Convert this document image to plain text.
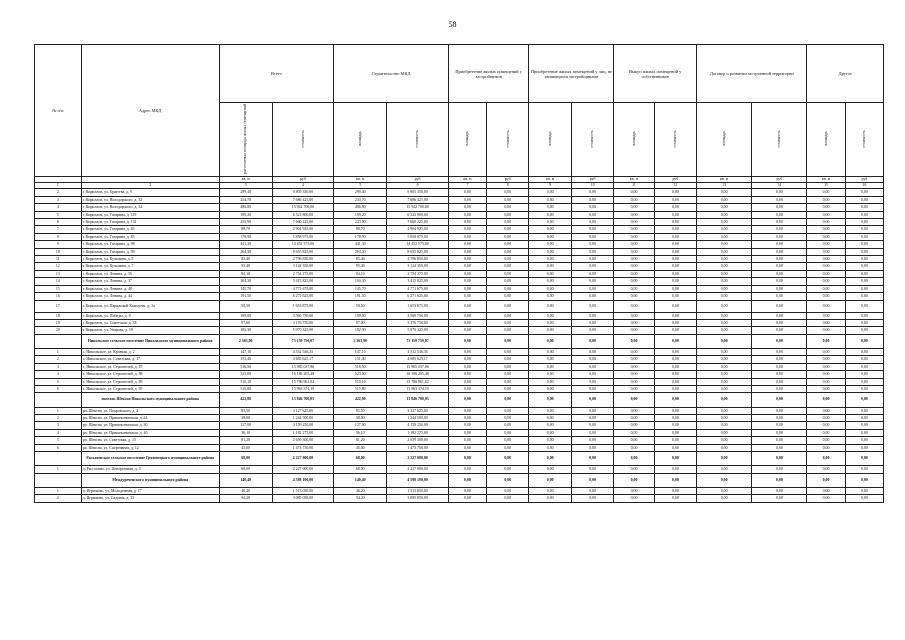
58
№ п/п	Адрес МКД	Всего		Строительство МКД		Приобретение жилых помещений у застройщиков		Приобретение жилых помещений у лиц, не являющихся застройщиками		Выкуп жилых помещений у собственников		Договор о развитии застроенной территории		Другое	
		расселяемая площадь жилых помещений	стоимость	площадь	стоимость	площадь	стоимость	площадь	стоимость	площадь	стоимость	площадь	стоимость	площадь	стоимость
		кв. м	руб	кв. м	руб	кв. м	руб	кв. м	руб	кв. м	руб	кв. м	руб	кв. м	руб
1	2	3	4	5	6	7	8	9	10	11	12	13	14	15	16
2	г. Кириллов, ул. Братства, д. 9	299,40	9 805 350,00	299,40	9 805 350,00	0,00	0,00	0,00	0,00	0,00	0,00	0,00	0,00	0,00	0,00
3	г. Кириллов, ул. Володарского, д. 32	234,70	7 686 425,00	234,70	7 686 425,00	0,00	0,00	0,00	0,00	0,00	0,00	0,00	0,00	0,00	0,00
4	г. Кириллов, ул. Володарского, д. 34	486,80	15 942 700,00	486,80	15 942 700,00	0,00	0,00	0,00	0,00	0,00	0,00	0,00	0,00	0,00	0,00
5	г. Кириллов, ул. Гагарина, д. 119	199,20	6 523 800,00	199,20	6 523 800,00	0,00	0,00	0,00	0,00	0,00	0,00	0,00	0,00	0,00	0,00
6	г. Кириллов, ул. Гагарина, д. 131	233,90	7 660 225,00	233,90	7 660 225,00	0,00	0,00	0,00	0,00	0,00	0,00	0,00	0,00	0,00	0,00
7	г. Кириллов, ул. Гагарина, д. 84	88,70	2 904 925,00	88,70	2 904 925,00	0,00	0,00	0,00	0,00	0,00	0,00	0,00	0,00	0,00	0,00
8	г. Кириллов, ул. Гагарина, д. 85	178,90	5 858 975,00	178,90	5 858 975,00	0,00	0,00	0,00	0,00	0,00	0,00	0,00	0,00	0,00	0,00
9	г. Кириллов, ул. Гагарина, д. 98	441,30	14 452 575,00	441,30	14 452 575,00	0,00	0,00	0,00	0,00	0,00	0,00	0,00	0,00	0,00	0,00
10	г. Кириллов, ул. Гагарина, д. 99	264,30	8 655 825,00	264,30	8 655 825,00	0,00	0,00	0,00	0,00	0,00	0,00	0,00	0,00	0,00	0,00
11	г. Кириллов, ул. Кузьмина, д. 5	85,40	2 796 850,00	85,40	2 796 850,00	0,00	0,00	0,00	0,00	0,00	0,00	0,00	0,00	0,00	0,00
12	г. Кириллов, ул. Кузьмина, д. 7	95,40	3 124 350,00	95,40	3 124 350,00	0,00	0,00	0,00	0,00	0,00	0,00	0,00	0,00	0,00	0,00
13	г. Кириллов, ул. Ленина, д. 35	84,10	2 754 275,00	84,10	2 754 275,00	0,00	0,00	0,00	0,00	0,00	0,00	0,00	0,00	0,00	0,00
14	г. Кириллов, ул. Ленина, д. 37	104,30	3 415 825,00	104,30	3 415 825,00	0,00	0,00	0,00	0,00	0,00	0,00	0,00	0,00	0,00	0,00
15	г. Кириллов, ул. Ленина, д. 40	145,70	4 771 675,00	145,70	4 771 675,00	0,00	0,00	0,00	0,00	0,00	0,00	0,00	0,00	0,00	0,00
16	г. Кириллов, ул. Ленина, д. 44	191,50	6 271 625,00	191,50	6 271 625,00	0,00	0,00	0,00	0,00	0,00	0,00	0,00	0,00	0,00	0,00
17	г. Кириллов, ул. Парижской Коммуны, д. 1а	50,50	1 653 875,00	50,50	1 653 875,00	0,00	0,00	0,00	0,00	0,00	0,00	0,00	0,00	0,00	0,00
18	г. Кириллов, ул. Победы, д. 8	109,00	3 569 750,00	109,00	3 569 750,00	0,00	0,00	0,00	0,00	0,00	0,00	0,00	0,00	0,00	0,00
19	г. Кириллов, ул. Советская, д. 38	97,00	3 176 750,00	97,00	3 176 750,00	0,00	0,00	0,00	0,00	0,00	0,00	0,00	0,00	0,00	0,00
20	г. Кириллов, ул. Уварова, д. 19	182,30	5 970 325,00	182,30	5 970 325,00	0,00	0,00	0,00	0,00	0,00	0,00	0,00	0,00	0,00	0,00
	Никольское сельское поселение Никольского муниципального района	2 363,90	73 159 750,07	2 363,90	73 159 750,07	0,00	0,00	0,00	0,00	0,00	0,00	0,00	0,00	0,00	0,00
1	с. Никольское, ул. Кравчая, д. 2	147,10	4 552 546,35	147,10	4 552 546,35	0,00	0,00	0,00	0,00	0,00	0,00	0,00	0,00	0,00	0,00
2	с. Никольское, ул. Советская, д. 17	151,40	4 685 625,17	151,40	4 685 625,17	0,00	0,00	0,00	0,00	0,00	0,00	0,00	0,00	0,00	0,00
3	с. Никольское, ул. Строителей, д. 87	516,50	15 985 037,86	516,50	15 985 037,86	0,00	0,00	0,00	0,00	0,00	0,00	0,00	0,00	0,00	0,00
4	с. Никольское, ул. Строителей, д. 88	523,00	16 186 205,48	523,00	16 186 205,48	0,00	0,00	0,00	0,00	0,00	0,00	0,00	0,00	0,00	0,00
5	с. Никольское, ул. Строителей, д. 89	510,10	15 786 961,02	510,10	15 786 961,02	0,00	0,00	0,00	0,00	0,00	0,00	0,00	0,00	0,00	0,00
6	с. Никольское, ул. Строителей, д. 93	515,80	15 963 374,19	515,80	15 963 374,19	0,00	0,00	0,00	0,00	0,00	0,00	0,00	0,00	0,00	0,00
	поселок Шексна Никольского муниципального района	422,80	13 846 700,03	422,80	13 846 700,03	0,00	0,00	0,00	0,00	0,00	0,00	0,00	0,00	0,00	0,00
1	рп. Шексна, ул. Покровского, д. 2	95,50	3 127 625,00	95,50	3 127 625,00	0,00	0,00	0,00	0,00	0,00	0,00	0,00	0,00	0,00	0,00
2	рп. Шексна, ул. Пришекснинская, д. 24	38,00	1 244 500,00	38,00	1 244 500,00	0,00	0,00	0,00	0,00	0,00	0,00	0,00	0,00	0,00	0,00
3	рп. Шексна, ул. Пришекснинская, д. 30	127,00	4 159 250,00	127,00	4 159 250,00	0,00	0,00	0,00	0,00	0,00	0,00	0,00	0,00	0,00	0,00
4	рп. Шексна, ул. Пришекснинская, д. 40	36,10	1 182 275,00	36,10	1 182 275,00	0,00	0,00	0,00	0,00	0,00	0,00	0,00	0,00	0,00	0,00
5	рп. Шексна, ул. Советская, д. 15	81,20	2 659 300,00	81,20	2 659 300,00	0,00	0,00	0,00	0,00	0,00	0,00	0,00	0,00	0,00	0,00
6	рп. Шексна, ул. Спортивная, д. 12	45,00	1 473 750,00	45,00	1 473 750,00	0,00	0,00	0,00	0,00	0,00	0,00	0,00	0,00	0,00	0,00
	Раскатовское сельское поселение Грязовецкого муниципального района	68,00	2 227 000,00	68,00	2 227 000,00	0,00	0,00	0,00	0,00	0,00	0,00	0,00	0,00	0,00	0,00
1	д. Рассохино, ул. Центральная, д. 3	68,00	2 227 000,00	68,00	2 227 000,00	0,00	0,00	0,00	0,00	0,00	0,00	0,00	0,00	0,00	0,00
	Междуреченского муниципального района	140,40	4 598 100,00	140,40	4 598 100,00	0,00	0,00	0,00	0,00	0,00	0,00	0,00	0,00	0,00	0,00
1	п. Игрюково, ул. Молодежная, д. 17	46,20	1 513 050,00	46,20	1 513 050,00	0,00	0,00	0,00	0,00	0,00	0,00	0,00	0,00	0,00	0,00
2	д. Игрюково, ул. Садовая, д. 13	94,20	3 085 050,00	94,20	3 085 050,00	0,00	0,00	0,00	0,00	0,00	0,00	0,00	0,00	0,00	0,00
